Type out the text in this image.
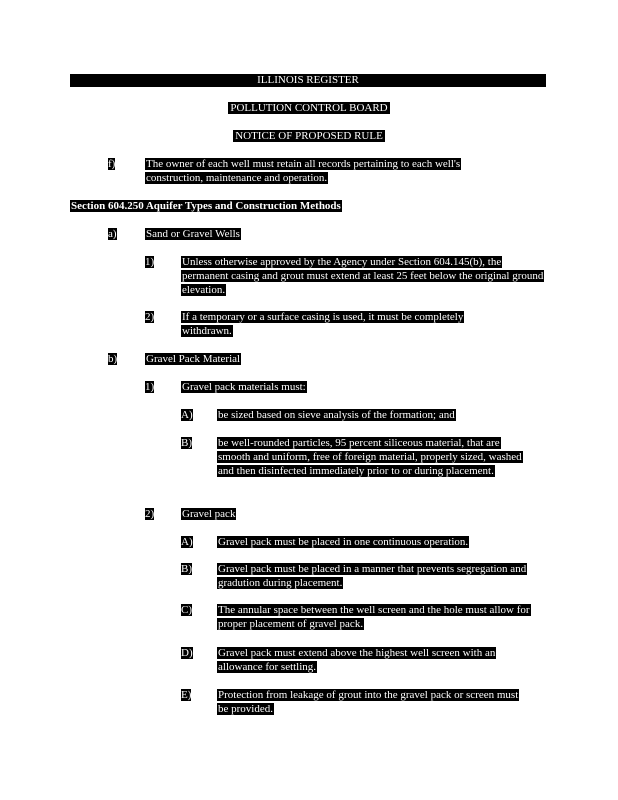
ILLINOIS REGISTER
POLLUTION CONTROL BOARD
NOTICE OF PROPOSED RULE
f)	The owner of each well must retain all records pertaining to each well's construction, maintenance and operation.
Section 604.250 Aquifer Types and Construction Methods
a)	Sand or Gravel Wells
1)	Unless otherwise approved by the Agency under Section 604.145(b), the permanent casing and grout must extend at least 25 feet below the original ground elevation.
2)	If a temporary or a surface casing is used, it must be completely withdrawn.
b)	Gravel Pack Material
1)	Gravel pack materials must:
A) be sized based on sieve analysis of the formation; and
B) be well-rounded particles, 95 percent siliceous material, that are smooth and uniform, free of foreign material, properly sized, washed and then disinfected immediately prior to or during placement.
2)	Gravel pack
A) Gravel pack must be placed in one continuous operation.
B) Gravel pack must be placed in a manner that prevents segregation and gradution during placement.
C) The annular space between the well screen and the hole must allow for proper placement of gravel pack.
D) Gravel pack must extend above the highest well screen with an allowance for settling.
E) Protection from leakage of grout into the gravel pack or screen must be provided.
